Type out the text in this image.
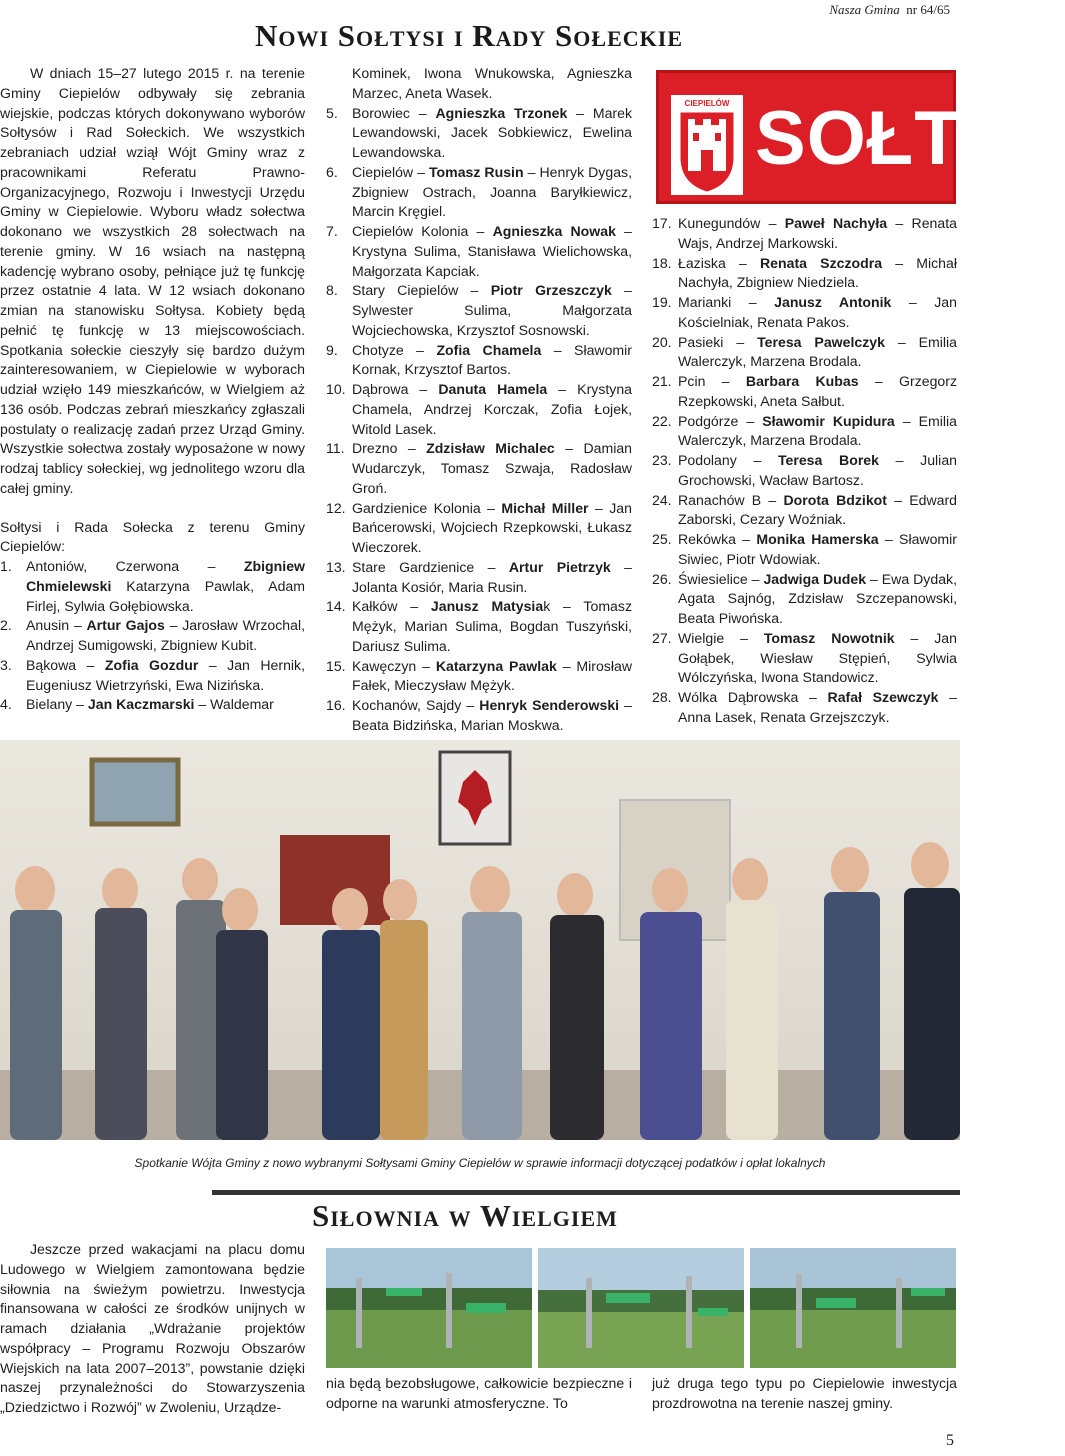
Nasza Gmina nr 64/65
Nowi Sołtysi i Rady Sołeckie

W dniach 15–27 lutego 2015 r. na terenie Gminy Ciepielów odbywały się zebrania wiejskie, podczas których dokonywano wyborów Sołtysów i Rad Sołeckich. We wszystkich zebraniach udział wziął Wójt Gminy wraz z pracownikami Referatu Prawno-Organizacyjnego, Rozwoju i Inwestycji Urzędu Gminy w Ciepielowie. Wyboru władz sołectwa dokonano we wszystkich 28 sołectwach na terenie gminy. W 16 wsiach na następną kadencję wybrano osoby, pełniące już tę funkcję przez ostatnie 4 lata. W 12 wsiach dokonano zmian na stanowisku Sołtysa. Kobiety będą pełnić tę funkcję w 13 miejscowościach. Spotkania sołeckie cieszyły się bardzo dużym zainteresowaniem, w Ciepielowie w wyborach udział wzięło 149 mieszkańców, w Wielgiem aż 136 osób. Podczas zebrań mieszkańcy zgłaszali postulaty o realizację zadań przez Urząd Gminy. Wszystkie sołectwa zostały wyposażone w nowy rodzaj tablicy sołeckiej, wg jednolitego wzoru dla całej gminy.

Sołtysi i Rada Sołecka z terenu Gminy Ciepielów:

1. Antoniów, Czerwona – Zbigniew Chmielewski Katarzyna Pawlak, Adam Firlej, Sylwia Gołębiowska.
2. Anusin – Artur Gajos – Jarosław Wrzochal, Andrzej Sumigowski, Zbigniew Kubit.
3. Bąkowa – Zofia Gozdur – Jan Hernik, Eugeniusz Wietrzyński, Ewa Nizińska.
4. Bielany – Jan Kaczmarski – Waldemar

Kominek, Iwona Wnukowska, Agnieszka Marzec, Aneta Wasek.

5. Borowiec – Agnieszka Trzonek – Marek Lewandowski, Jacek Sobkiewicz, Ewelina Lewandowska.
6. Ciepielów – Tomasz Rusin – Henryk Dygas, Zbigniew Ostrach, Joanna Baryłkiewicz, Marcin Kręgiel.
7. Ciepielów Kolonia – Agnieszka Nowak – Krystyna Sulima, Stanisława Wielichowska, Małgorzata Kapciak.
8. Stary Ciepielów – Piotr Grzeszczyk – Sylwester Sulima, Małgorzata Wojciechowska, Krzysztof Sosnowski.
9. Chotyze – Zofia Chamela – Sławomir Kornak, Krzysztof Bartos.
10. Dąbrowa – Danuta Hamela – Krystyna Chamela, Andrzej Korczak, Zofia Łojek, Witold Lasek.
11. Drezno – Zdzisław Michalec – Damian Wudarczyk, Tomasz Szwaja, Radosław Groń.
12. Gardzienice Kolonia – Michał Miller – Jan Bańcerowski, Wojciech Rzepkowski, Łukasz Wieczorek.
13. Stare Gardzienice – Artur Pietrzyk – Jolanta Kosiór, Maria Rusin.
14. Kałków – Janusz Matysiak – Tomasz Mężyk, Marian Sulima, Bogdan Tuszyński, Dariusz Sulima.
15. Kawęczyn – Katarzyna Pawlak – Mirosław Fałek, Mieczysław Mężyk.
16. Kochanów, Sajdy – Henryk Senderowski – Beata Bidzińska, Marian Moskwa.
CIEPIELÓW SOŁTYS
17. Kunegundów – Paweł Nachyła – Renata Wajs, Andrzej Markowski.
18. Łaziska – Renata Szczodra – Michał Nachyła, Zbigniew Niedziela.
19. Marianki – Janusz Antonik – Jan Kościelniak, Renata Pakos.
20. Pasieki – Teresa Pawelczyk – Emilia Walerczyk, Marzena Brodala.
21. Pcin – Barbara Kubas – Grzegorz Rzepkowski, Aneta Sałbut.
22. Podgórze – Sławomir Kupidura – Emilia Walerczyk, Marzena Brodala.
23. Podolany – Teresa Borek – Julian Grochowski, Wacław Bartosz.
24. Ranachów B – Dorota Bdzikot – Edward Zaborski, Cezary Woźniak.
25. Rekówka – Monika Hamerska – Sławomir Siwiec, Piotr Wdowiak.
26. Świesielice – Jadwiga Dudek – Ewa Dydak, Agata Sajnóg, Zdzisław Szczepanowski, Beata Piwońska.
27. Wielgie – Tomasz Nowotnik – Jan Gołąbek, Wiesław Stępień, Sylwia Wólczyńska, Iwona Standowicz.
28. Wólka Dąbrowska – Rafał Szewczyk – Anna Lasek, Renata Grzejszczyk.
Spotkanie Wójta Gminy z nowo wybranymi Sołtysami Gminy Ciepielów w sprawie informacji dotyczącej podatków i opłat lokalnych
Siłownia w Wielgiem

Jeszcze przed wakacjami na placu domu Ludowego w Wielgiem zamontowana będzie siłownia na świeżym powietrzu. Inwestycja finansowana w całości ze środków unijnych w ramach działania „Wdrażanie projektów współpracy – Programu Rozwoju Obszarów Wiejskich na lata 2007–2013”, powstanie dzięki naszej przynależności do Stowarzyszenia „Dziedzictwo i Rozwój” w Zwoleniu, Urządze-

nia będą bezobsługowe, całkowicie bezpieczne i odporne na warunki atmosferyczne. To

już druga tego typu po Ciepielowie inwestycja prozdrowotna na terenie naszej gminy.

5
